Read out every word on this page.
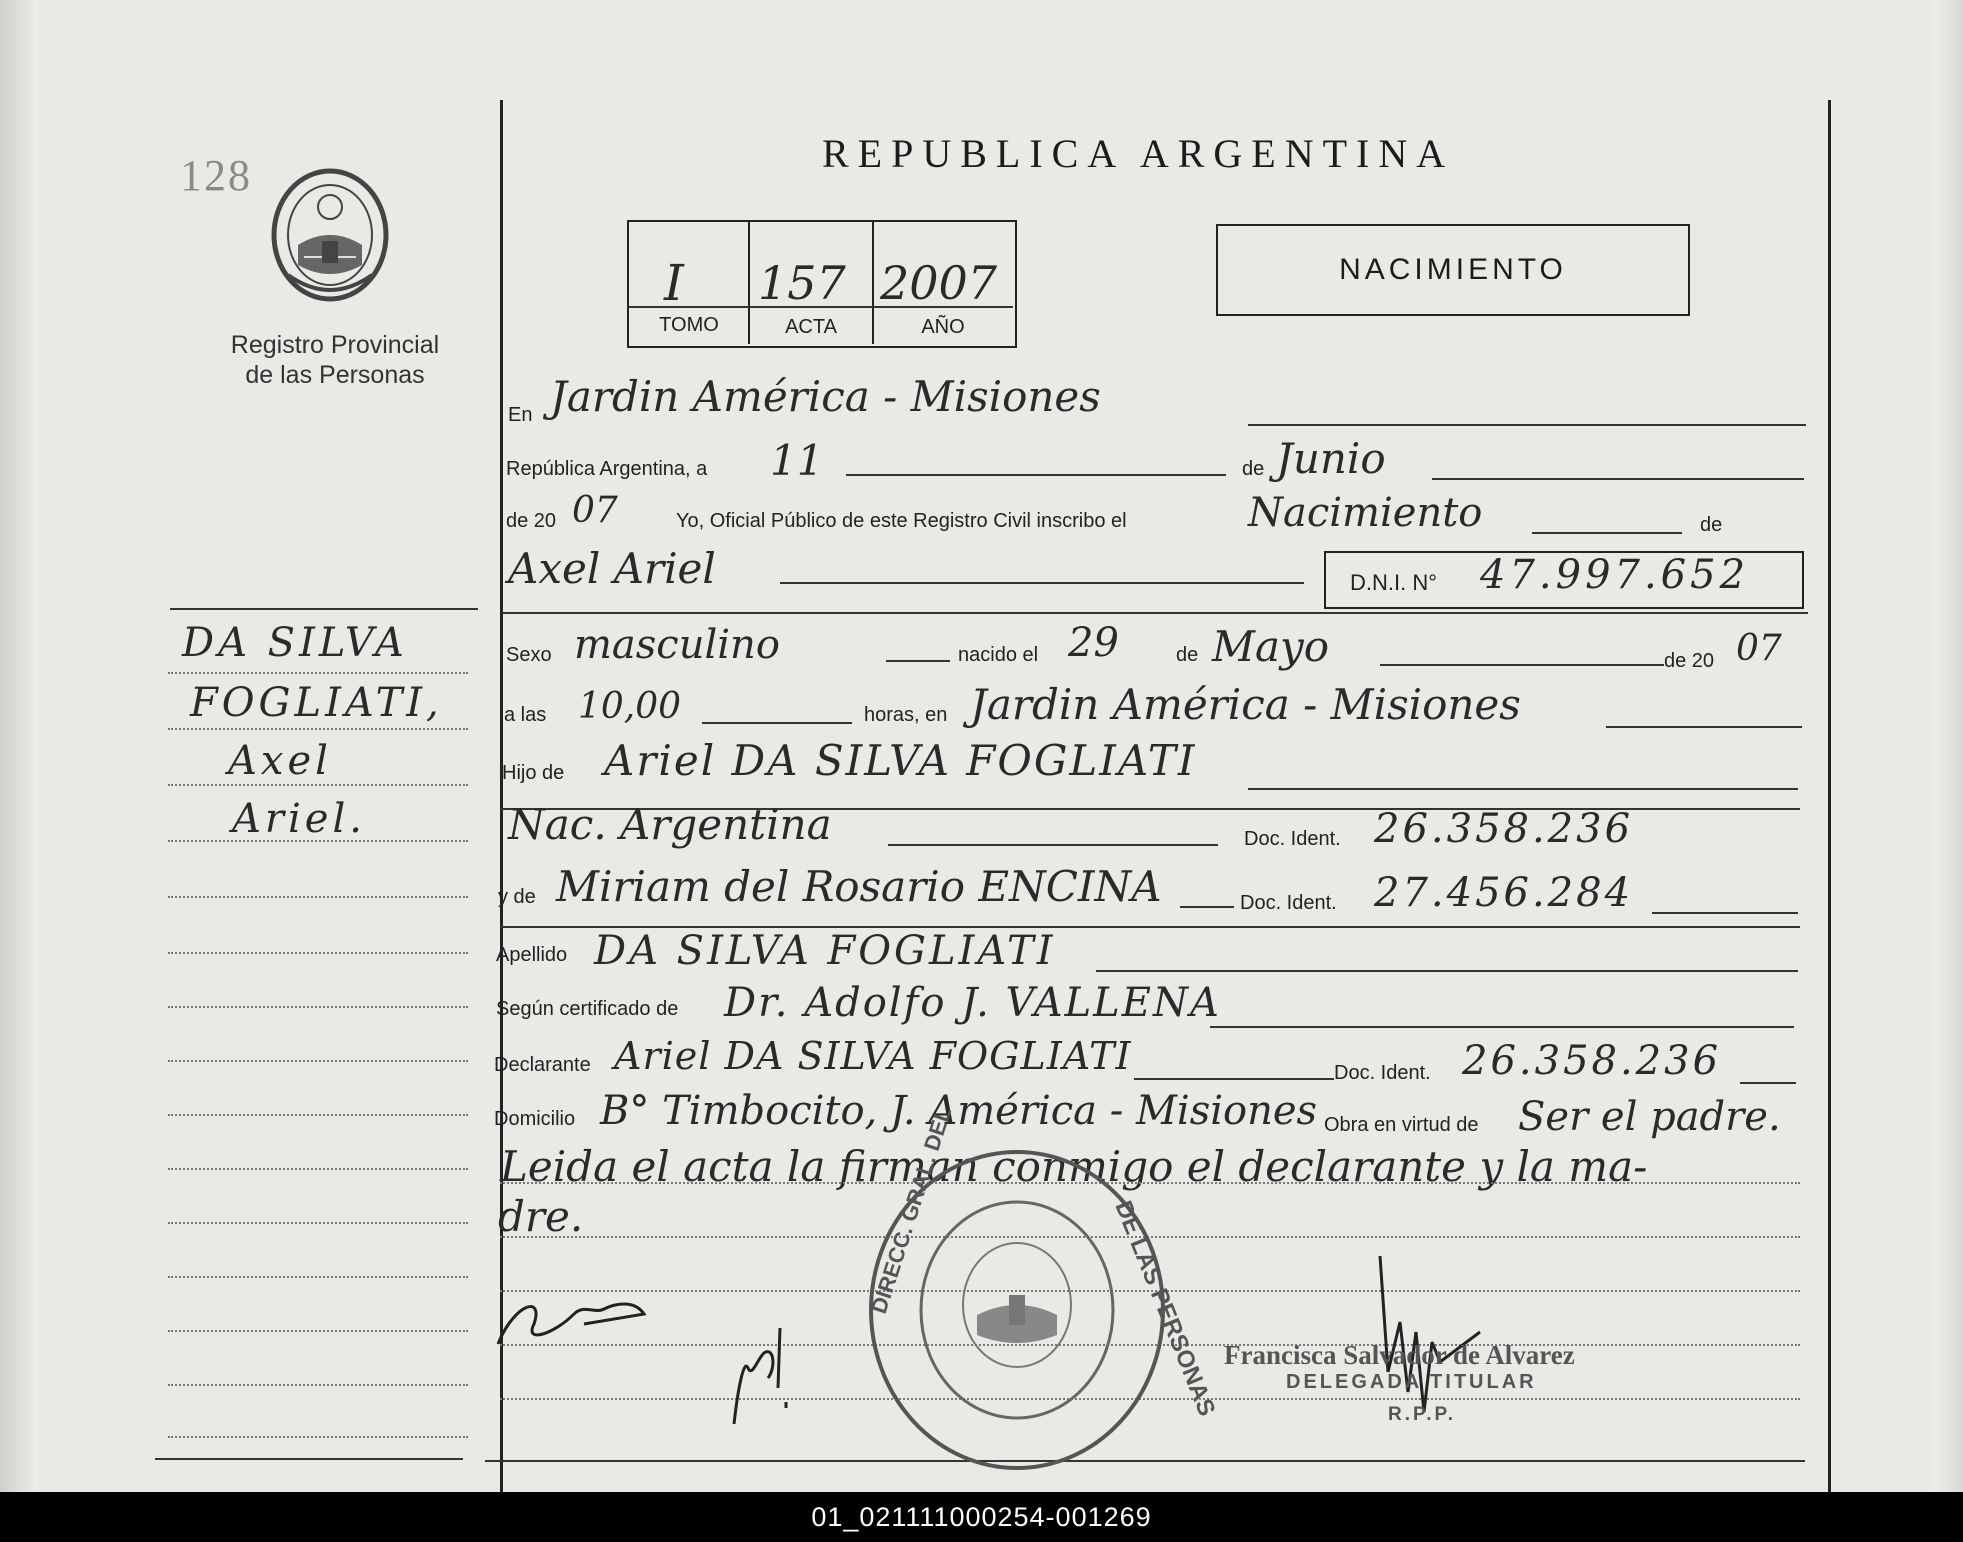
128
Registro Provincial
de las Personas
DA SILVA
FOGLIATI,
Axel
Ariel.
REPUBLICA ARGENTINA
I 157 2007
TOMO	ACTA	AÑO
NACIMIENTO
En Jardin América - Misiones
República Argentina, a 11	de Junio
de 20 07	Yo, Oficial Público de este Registro Civil inscribo el	Nacimiento	de
Axel Ariel	D.N.I. N° 47.997.652
Sexo masculino	nacido el 29	de Mayo	de 20 07
a las 10,00	horas, en Jardin América - Misiones
Hijo de Ariel DA SILVA FOGLIATI
Nac. Argentina	Doc. Ident. 26.358.236
y de Miriam del Rosario ENCINA	Doc. Ident. 27.456.284
Apellido DA SILVA FOGLIATI
Según certificado de Dr. Adolfo J. VALLENA
Declarante Ariel DA SILVA FOGLIATI	Doc. Ident. 26.358.236
Domicilio B° Timbocito, J. América - Misiones Obra en virtud de Ser el padre.
Leida el acta la firman conmigo el declarante y la ma-
dre.	DIRECC. GRAL. DEL	DE LAS PERSONAS Francisca Salvador de Alvarez
DELEGADA TITULAR
R.P.P.
01_021111000254-001269
